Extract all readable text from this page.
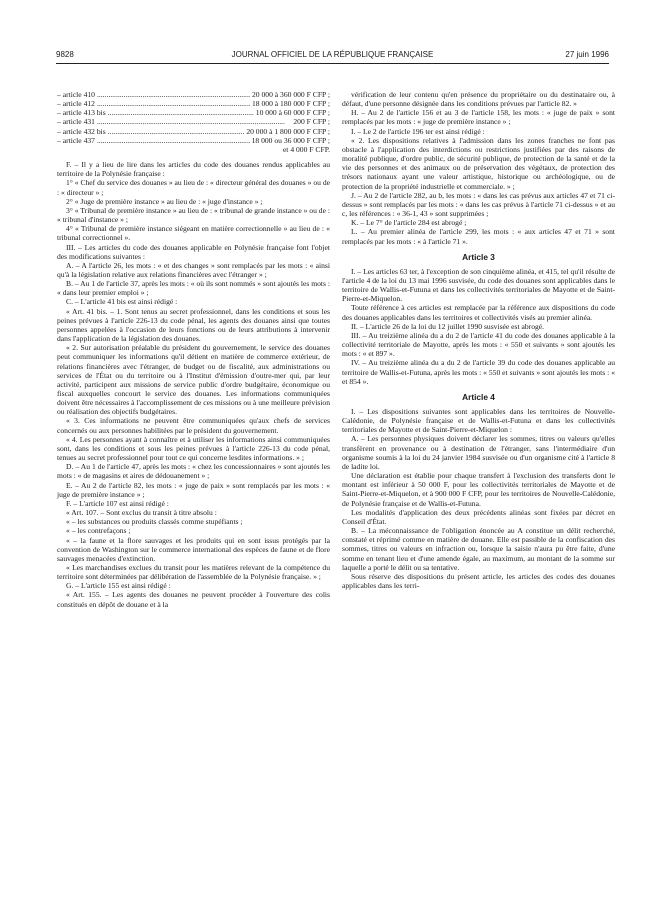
9828	JOURNAL OFFICIEL DE LA RÉPUBLIQUE FRANÇAISE	27 juin 1996
– article 410 .....	20 000 à 360 000 F CFP ;
– article 412 .....	18 000 à 180 000 F CFP ;
– article 413 bis .....	10 000 à 60 000 F CFP ;
– article 431 .....	200 F CFP ;
– article 432 bis .....	20 000 à 1 800 000 F CFP ;
– article 437 .....	18 000 ou 36 000 F CFP ;

et 4 000 F CFP.

F. – Il y a lieu de lire dans les articles du code des douanes rendus applicables au territoire de la Polynésie française :

1° « Chef du service des douanes » au lieu de : « directeur général des douanes » ou de : « directeur » ;

2° « Juge de première instance » au lieu de : « juge d'instance » ;

3° « Tribunal de première instance » au lieu de : « tribunal de grande instance » ou de : « tribunal d'instance » ;

4° « Tribunal de première instance siégeant en matière correctionnelle » au lieu de : « tribunal correctionnel ».

III. – Les articles du code des douanes applicable en Polynésie française font l'objet des modifications suivantes :

A. – A l'article 26, les mots : « et des changes » sont remplacés par les mots : « ainsi qu'à la législation relative aux relations financières avec l'étranger » ;

B. – Au 1 de l'article 37, après les mots : « où ils sont nommés » sont ajoutés les mots : « dans leur premier emploi » ;

C. – L'article 41 bis est ainsi rédigé :

« Art. 41 bis. – 1. Sont tenus au secret professionnel, dans les conditions et sous les peines prévues à l'article 226-13 du code pénal, les agents des douanes ainsi que toutes personnes appelées à l'occasion de leurs fonctions ou de leurs attributions à intervenir dans l'application de la législation des douanes.

« 2. Sur autorisation préalable du président du gouvernement, le service des douanes peut communiquer les informations qu'il détient en matière de commerce extérieur, de relations financières avec l'étranger, de budget ou de fiscalité, aux administrations ou services de l'État ou du territoire ou à l'Institut d'émission d'outre-mer qui, par leur activité, participent aux missions de service public d'ordre budgétaire, économique ou fiscal auxquelles concourt le service des douanes. Les informations communiquées doivent être nécessaires à l'accomplissement de ces missions ou à une meilleure prévision ou réalisation des objectifs budgétaires.

« 3. Ces informations ne peuvent être communiquées qu'aux chefs de services concernés ou aux personnes habilitées par le président du gouvernement.

« 4. Les personnes ayant à connaître et à utiliser les informations ainsi communiquées sont, dans les conditions et sous les peines prévues à l'article 226-13 du code pénal, tenues au secret professionnel pour tout ce qui concerne lesdites informations. » ;

D. – Au 1 de l'article 47, après les mots : « chez les concessionnaires » sont ajoutés les mots : « de magasins et aires de dédouanement » ;

E. – Au 2 de l'article 82, les mots : « juge de paix » sont remplacés par les mots : « juge de première instance » ;

F. – L'article 107 est ainsi rédigé :

« Art. 107. – Sont exclus du transit à titre absolu :

« – les substances ou produits classés comme stupéfiants ;

« – les contrefaçons ;

« – la faune et la flore sauvages et les produits qui en sont issus protégés par la convention de Washington sur le commerce international des espèces de faune et de flore sauvages menacées d'extinction.

« Les marchandises exclues du transit pour les matières relevant de la compétence du territoire sont déterminées par délibération de l'assemblée de la Polynésie française. » ;

G. – L'article 155 est ainsi rédigé :

« Art. 155. – Les agents des douanes ne peuvent procéder à l'ouverture des colis constitués en dépôt de douane et à la

vérification de leur contenu qu'en présence du propriétaire ou du destinataire ou, à défaut, d'une personne désignée dans les conditions prévues par l'article 82. »

H. – Au 2 de l'article 156 et au 3 de l'article 158, les mots : « juge de paix » sont remplacés par les mots : « juge de première instance » ;

I. – Le 2 de l'article 196 ter est ainsi rédigé :

« 2. Les dispositions relatives à l'admission dans les zones franches ne font pas obstacle à l'application des interdictions ou restrictions justifiées par des raisons de moralité publique, d'ordre public, de sécurité publique, de protection de la santé et de la vie des personnes et des animaux ou de préservation des végétaux, de protection des trésors nationaux ayant une valeur artistique, historique ou archéologique, ou de protection de la propriété industrielle et commerciale. » ;

J. – Au 2 de l'article 282, au b, les mots : « dans les cas prévus aux articles 47 et 71 ci-dessus » sont remplacés par les mots : « dans les cas prévus à l'article 71 ci-dessus » et au c, les références : « 36-1, 43 » sont supprimées ;

K. – Le 7° de l'article 284 est abrogé ;

L. – Au premier alinéa de l'article 299, les mots : « aux articles 47 et 71 » sont remplacés par les mots : « à l'article 71 ».

Article 3

I. – Les articles 63 ter, à l'exception de son cinquième alinéa, et 415, tel qu'il résulte de l'article 4 de la loi du 13 mai 1996 susvisée, du code des douanes sont applicables dans le territoire de Wallis-et-Futuna et dans les collectivités territoriales de Mayotte et de Saint-Pierre-et-Miquelon.

Toute référence à ces articles est remplacée par la référence aux dispositions du code des douanes applicables dans les territoires et collectivités visés au premier alinéa.

II. – L'article 26 de la loi du 12 juillet 1990 susvisée est abrogé.

III. – Au treizième alinéa du a du 2 de l'article 41 du code des douanes applicable à la collectivité territoriale de Mayotte, après les mots : « 550 et suivants » sont ajoutés les mots : « et 897 ».

IV. – Au treizième alinéa du a du 2 de l'article 39 du code des douanes applicable au territoire de Wallis-et-Futuna, après les mots : « 550 et suivants » sont ajoutés les mots : « et 854 ».

Article 4

I. – Les dispositions suivantes sont applicables dans les territoires de Nouvelle-Calédonie, de Polynésie française et de Wallis-et-Futuna et dans les collectivités territoriales de Mayotte et de Saint-Pierre-et-Miquelon :

A. – Les personnes physiques doivent déclarer les sommes, titres ou valeurs qu'elles transfèrent en provenance ou à destination de l'étranger, sans l'intermédiaire d'un organisme soumis à la loi du 24 janvier 1984 susvisée ou d'un organisme cité à l'article 8 de ladite loi.

Une déclaration est établie pour chaque transfert à l'exclusion des transferts dont le montant est inférieur à 50 000 F, pour les collectivités territoriales de Mayotte et de Saint-Pierre-et-Miquelon, et à 900 000 F CFP, pour les territoires de Nouvelle-Calédonie, de Polynésie française et de Wallis-et-Futuna.

Les modalités d'application des deux précédents alinéas sont fixées par décret en Conseil d'État.

B. – La méconnaissance de l'obligation énoncée au A constitue un délit recherché, constaté et réprimé comme en matière de douane. Elle est passible de la confiscation des sommes, titres ou valeurs en infraction ou, lorsque la saisie n'aura pu être faite, d'une somme en tenant lieu et d'une amende égale, au maximum, au montant de la somme sur laquelle a porté le délit ou sa tentative.

Sous réserve des dispositions du présent article, les articles des codes des douanes applicables dans les terri-
